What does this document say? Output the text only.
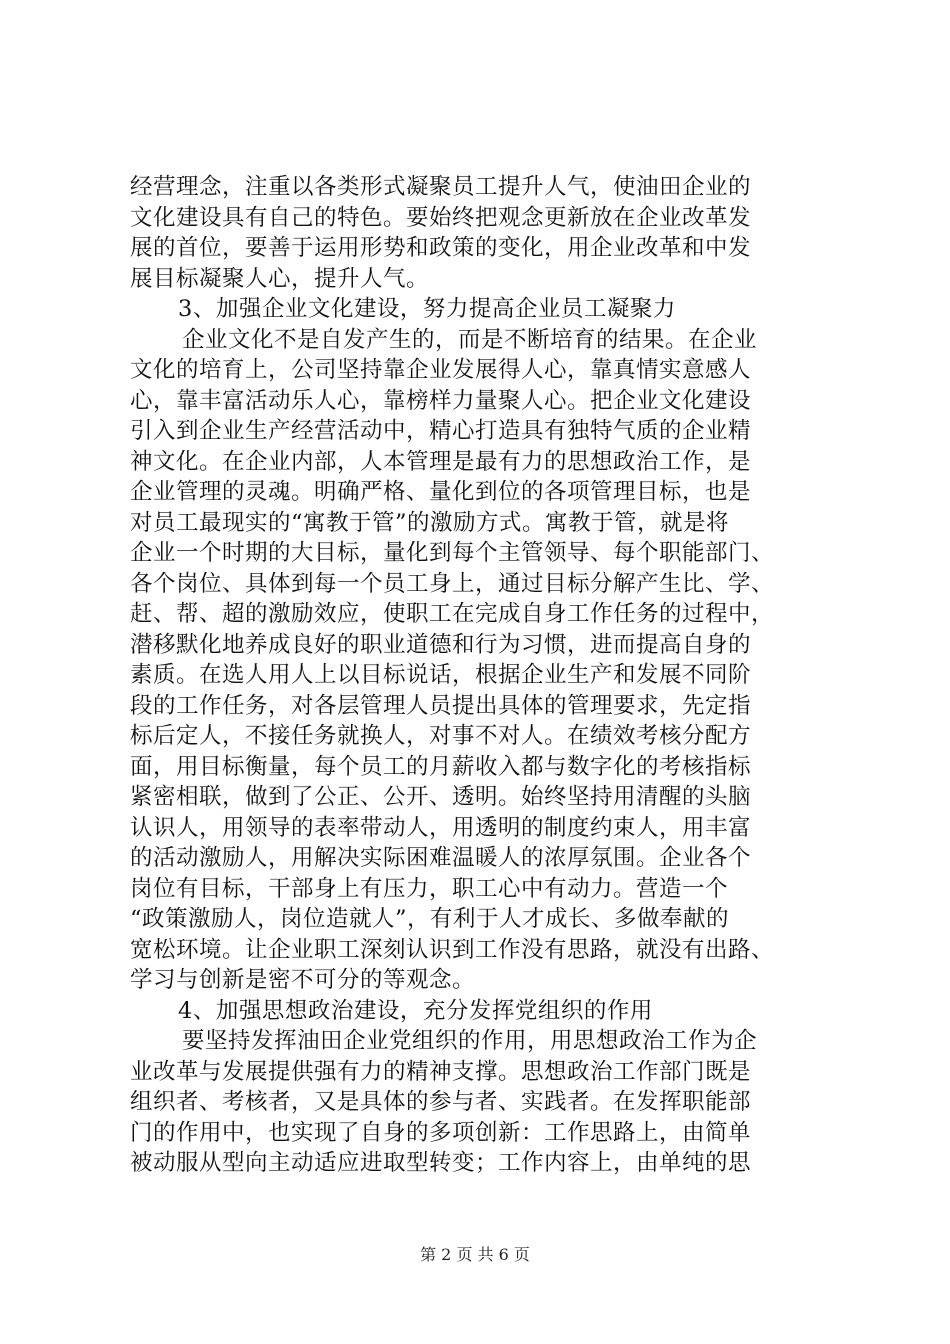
经营理念，注重以各类形式凝聚员工提升人气，使油田企业的
文化建设具有自己的特色。要始终把观念更新放在企业改革发
展的首位，要善于运用形势和政策的变化，用企业改革和中发
展目标凝聚人心，提升人气。
3、加强企业文化建设，努力提高企业员工凝聚力
企业文化不是自发产生的，而是不断培育的结果。在企业
文化的培育上，公司坚持靠企业发展得人心，靠真情实意感人
心，靠丰富活动乐人心，靠榜样力量聚人心。把企业文化建设
引入到企业生产经营活动中，精心打造具有独特气质的企业精
神文化。在企业内部，人本管理是最有力的思想政治工作，是
企业管理的灵魂。明确严格、量化到位的各项管理目标，也是
对员工最现实的“寓教于管”的激励方式。寓教于管，就是将
企业一个时期的大目标，量化到每个主管领导、每个职能部门、
各个岗位、具体到每一个员工身上，通过目标分解产生比、学、
赶、帮、超的激励效应，使职工在完成自身工作任务的过程中，
潜移默化地养成良好的职业道德和行为习惯，进而提高自身的
素质。在选人用人上以目标说话，根据企业生产和发展不同阶
段的工作任务，对各层管理人员提出具体的管理要求，先定指
标后定人，不接任务就换人，对事不对人。在绩效考核分配方
面，用目标衡量，每个员工的月薪收入都与数字化的考核指标
紧密相联，做到了公正、公开、透明。始终坚持用清醒的头脑
认识人，用领导的表率带动人，用透明的制度约束人，用丰富
的活动激励人，用解决实际困难温暖人的浓厚氛围。企业各个
岗位有目标，干部身上有压力，职工心中有动力。营造一个
“政策激励人，岗位造就人”，有利于人才成长、多做奉献的
宽松环境。让企业职工深刻认识到工作没有思路，就没有出路、
学习与创新是密不可分的等观念。
4、加强思想政治建设，充分发挥党组织的作用
要坚持发挥油田企业党组织的作用，用思想政治工作为企
业改革与发展提供强有力的精神支撑。思想政治工作部门既是
组织者、考核者，又是具体的参与者、实践者。在发挥职能部
门的作用中，也实现了自身的多项创新：工作思路上，由简单
被动服从型向主动适应进取型转变；工作内容上，由单纯的思
第 2 页 共 6 页
